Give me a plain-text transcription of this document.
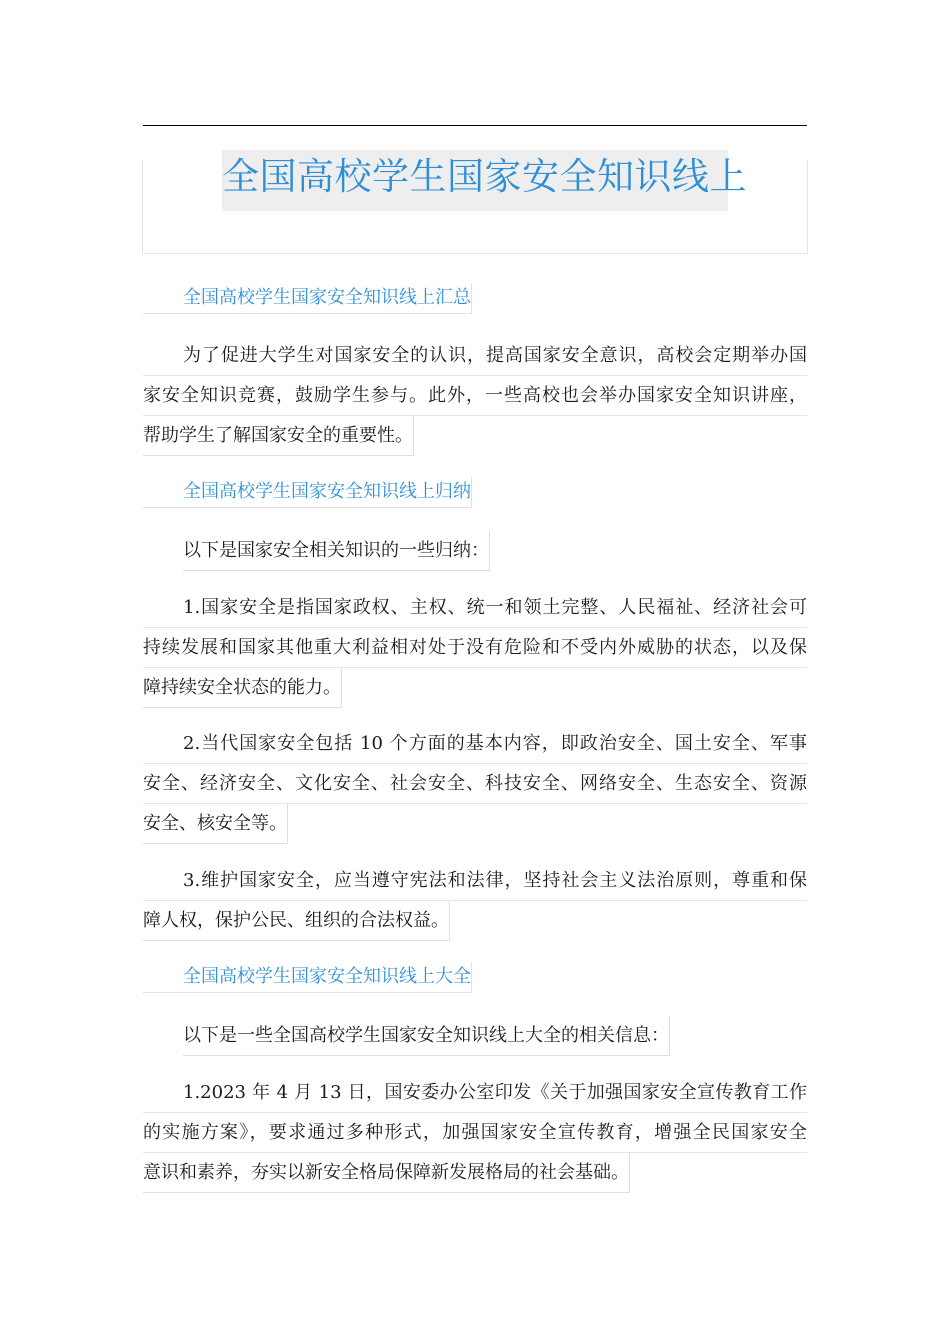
全国高校学生国家安全知识线上
全国高校学生国家安全知识线上汇总
为了促进大学生对国家安全的认识，提高国家安全意识，高校会定期举办国
家安全知识竞赛，鼓励学生参与。此外，一些高校也会举办国家安全知识讲座，
帮助学生了解国家安全的重要性。
全国高校学生国家安全知识线上归纳
以下是国家安全相关知识的一些归纳：
1.国家安全是指国家政权、主权、统一和领土完整、人民福祉、经济社会可
持续发展和国家其他重大利益相对处于没有危险和不受内外威胁的状态，以及保
障持续安全状态的能力。
2.当代国家安全包括 10 个方面的基本内容，即政治安全、国土安全、军事
安全、经济安全、文化安全、社会安全、科技安全、网络安全、生态安全、资源
安全、核安全等。
3.维护国家安全，应当遵守宪法和法律，坚持社会主义法治原则，尊重和保
障人权，保护公民、组织的合法权益。
全国高校学生国家安全知识线上大全
以下是一些全国高校学生国家安全知识线上大全的相关信息：
1.2023 年 4 月 13 日，国安委办公室印发《关于加强国家安全宣传教育工作
的实施方案》，要求通过多种形式，加强国家安全宣传教育，增强全民国家安全
意识和素养，夯实以新安全格局保障新发展格局的社会基础。
